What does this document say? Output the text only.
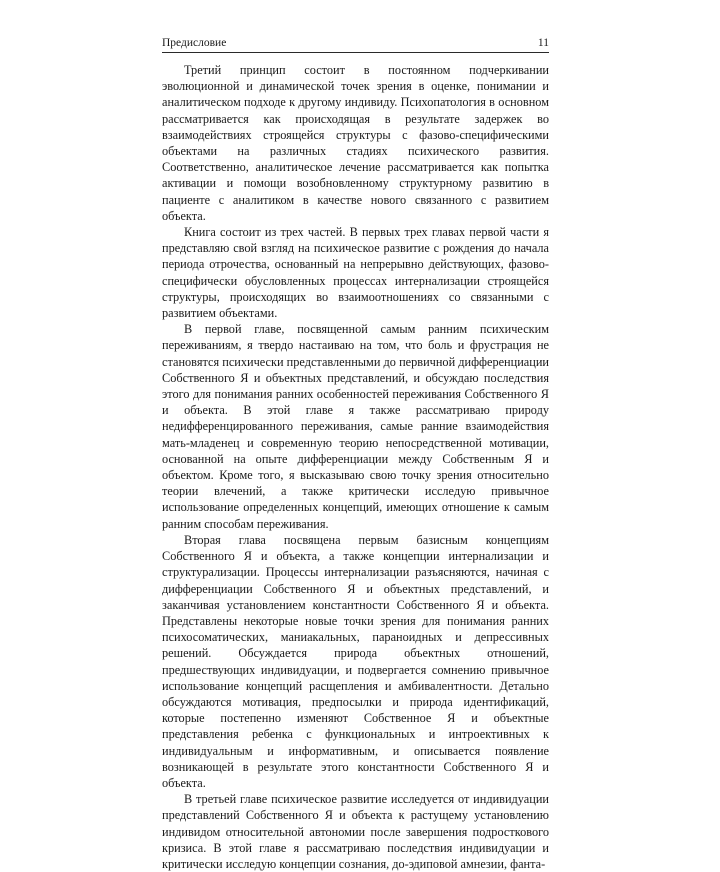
Предисловие	11

Третий принцип состоит в постоянном подчеркивании эволюционной и динамической точек зрения в оценке, понимании и аналитическом подходе к другому индивиду. Психопатология в основном рассматривается как происходящая в результате задержек во взаимодействиях строящейся структуры с фазово-специфическими объектами на различных стадиях психического развития. Соответственно, аналитическое лечение рассматривается как попытка активации и помощи возобновленному структурному развитию в пациенте с аналитиком в качестве нового связанного с развитием объекта.

Книга состоит из трех частей. В первых трех главах первой части я представляю свой взгляд на психическое развитие с рождения до начала периода отрочества, основанный на непрерывно действующих, фазово-специфически обусловленных процессах интернализации строящейся структуры, происходящих во взаимоотношениях со связанными с развитием объектами.

В первой главе, посвященной самым ранним психическим переживаниям, я твердо настаиваю на том, что боль и фрустрация не становятся психически представленными до первичной дифференциации Собственного Я и объектных представлений, и обсуждаю последствия этого для понимания ранних особенностей переживания Собственного Я и объекта. В этой главе я также рассматриваю природу недифференцированного переживания, самые ранние взаимодействия мать-младенец и современную теорию непосредственной мотивации, основанной на опыте дифференциации между Собственным Я и объектом. Кроме того, я высказываю свою точку зрения относительно теории влечений, а также критически исследую привычное использование определенных концепций, имеющих отношение к самым ранним способам переживания.

Вторая глава посвящена первым базисным концепциям Собственного Я и объекта, а также концепции интернализации и структурализации. Процессы интернализации разъясняются, начиная с дифференциации Собственного Я и объектных представлений, и заканчивая установлением константности Собственного Я и объекта. Представлены некоторые новые точки зрения для понимания ранних психосоматических, маниакальных, параноидных и депрессивных решений. Обсуждается природа объектных отношений, предшествующих индивидуации, и подвергается сомнению привычное использование концепций расщепления и амбивалентности. Детально обсуждаются мотивация, предпосылки и природа идентификаций, которые постепенно изменяют Собственное Я и объектные представления ребенка с функциональных и интроективных к индивидуальным и информативным, и описывается появление возникающей в результате этого константности Собственного Я и объекта.

В третьей главе психическое развитие исследуется от индивидуации представлений Собственного Я и объекта к растущему установлению индивидом относительной автономии после завершения подросткового кризиса. В этой главе я рассматриваю последствия индивидуации и критически исследую концепции сознания, до-эдиповой амнезии, фанта-
